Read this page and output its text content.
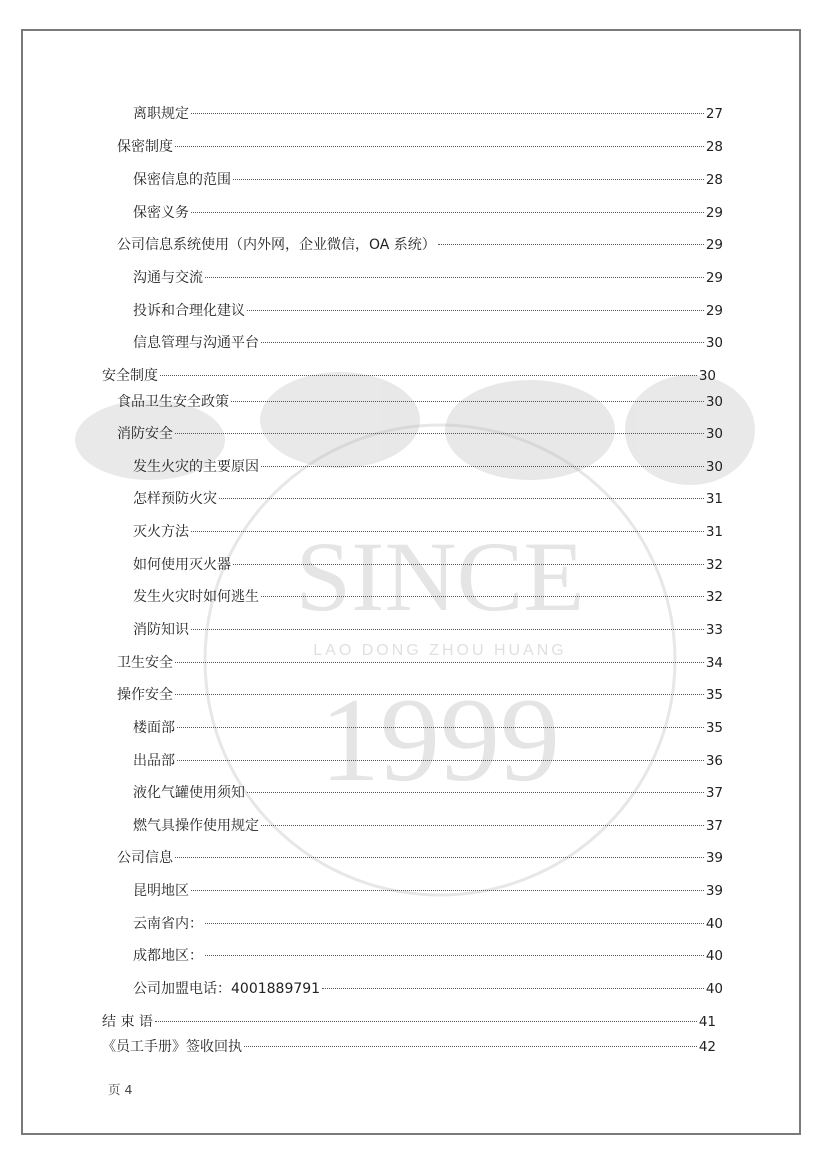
SINCE
LAO DONG ZHOU HUANG
1999
离职规定	27
保密制度	28
保密信息的范围	28
保密义务	29
公司信息系统使用（内外网，企业微信，OA 系统）	29
沟通与交流	29
投诉和合理化建议	29
信息管理与沟通平台	30
安全制度	30
食品卫生安全政策	30
消防安全	30
发生火灾的主要原因	30
怎样预防火灾	31
灭火方法	31
如何使用灭火器	32
发生火灾时如何逃生	32
消防知识	33
卫生安全	34
操作安全	35
楼面部	35
出品部	36
液化气罐使用须知	37
燃气具操作使用规定	37
公司信息	39
昆明地区	39
云南省内：	40
成都地区：	40
公司加盟电话：4001889791	40
结 束 语	41
《员工手册》签收回执	42
页 4
